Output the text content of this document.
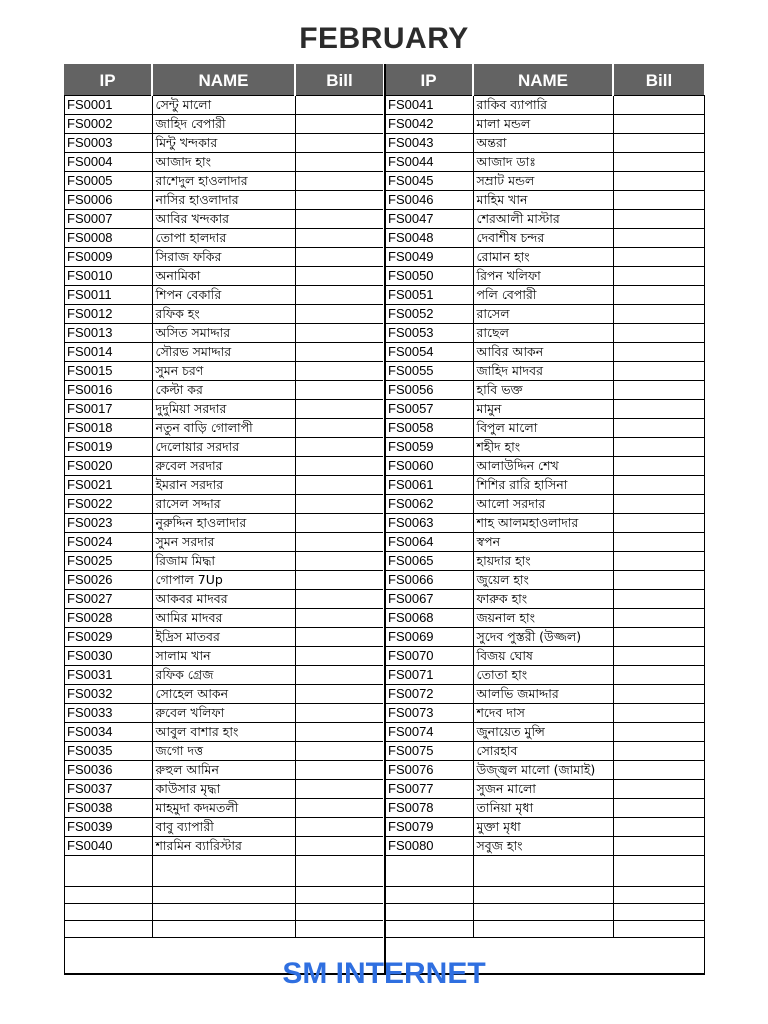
FEBRUARY
IP	NAME	Bill
FS0001	সেন্টু মালো	
FS0002	জাহিদ বেপারী	
FS0003	মিন্টু খন্দকার	
FS0004	আজাদ হাং	
FS0005	রাশেদুল হাওলাদার	
FS0006	নাসির হাওলাদার	
FS0007	আবির খন্দকার	
FS0008	তোপা হালদার	
FS0009	সিরাজ ফকির	
FS0010	অনামিকা	
FS0011	শিপন বেকারি	
FS0012	রফিক হং	
FS0013	অসিত সমাদ্দার	
FS0014	সৌরভ সমাদ্দার	
FS0015	সুমন চরণ	
FS0016	কেল্টা কর	
FS0017	দুদুমিয়া সরদার	
FS0018	নতুন বাড়ি গোলাপী	
FS0019	দেলোয়ার সরদার	
FS0020	রুবেল সরদার	
FS0021	ইমরান সরদার	
FS0022	রাসেল সদ্দার	
FS0023	নুরুদ্দিন হাওলাদার	
FS0024	সুমন সরদার	
FS0025	রিজাম মিদ্ধা	
FS0026	গোপাল 7Up	
FS0027	আকবর মাদবর	
FS0028	আমির মাদবর	
FS0029	ইদ্রিস মাতবর	
FS0030	সালাম খান	
FS0031	রফিক গ্রেজ	
FS0032	সোহেল আকন	
FS0033	রুবেল খলিফা	
FS0034	আবুল বাশার হাং	
FS0035	জগো দত্ত	
FS0036	রুহুল আমিন	
FS0037	কাউসার মৃদ্ধা	
FS0038	মাহমুদা কদমতলী	
FS0039	বাবু ব্যাপারী	
FS0040	শারমিন ব্যারিস্টার	

IP	NAME	Bill
FS0041	রাকিব ব্যাপারি	
FS0042	মালা মন্ডল	
FS0043	অন্তরা	
FS0044	আজাদ ডাঃ	
FS0045	সম্রাট মন্ডল	
FS0046	মাহিম খান	
FS0047	শেরআলী মাস্টার	
FS0048	দেবাশীষ চন্দর	
FS0049	রোমান হাং	
FS0050	রিপন খলিফা	
FS0051	পলি বেপারী	
FS0052	রাসেল	
FS0053	রাছেল	
FS0054	আবির আকন	
FS0055	জাহিদ মাদবর	
FS0056	হাবি ভক্ত	
FS0057	মামুন	
FS0058	বিপুল মালো	
FS0059	শহীদ হাং	
FS0060	আলাউদ্দিন শেখ	
FS0061	শিশির রারি হাসিনা	
FS0062	আলো সরদার	
FS0063	শাহ আলমহাওলাদার	
FS0064	স্বপন	
FS0065	হায়দার হাং	
FS0066	জুয়েল হাং	
FS0067	ফারুক হাং	
FS0068	জয়নাল হাং	
FS0069	সুদেব পুস্তরী (উজ্জল)	
FS0070	বিজয় ঘোষ	
FS0071	তোতা হাং	
FS0072	আলভি জমাদ্দার	
FS0073	শদেব দাস	
FS0074	জুনায়েত মুন্সি	
FS0075	সোরহাব	
FS0076	উজ্জ্বল মালো (জামাই)	
FS0077	সুজন মালো	
FS0078	তানিয়া মৃধা	
FS0079	মুক্তা মৃধা	
FS0080	সবুজ হাং	

SM INTERNET
